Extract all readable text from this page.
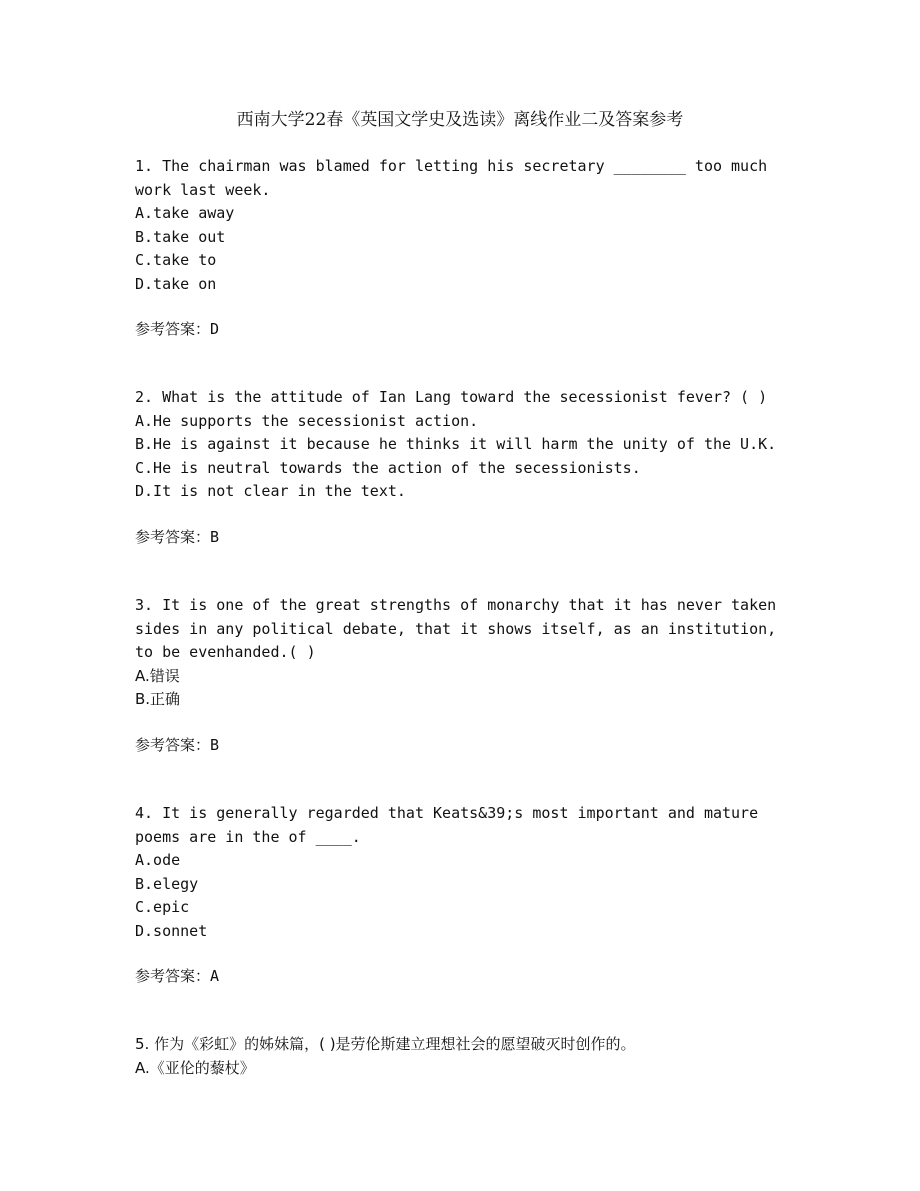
西南大学22春《英国文学史及选读》离线作业二及答案参考
1. The chairman was blamed for letting his secretary ________ too much
work last week.
A.take away
B.take out
C.take to
D.take on
参考答案：D
2. What is the attitude of Ian Lang toward the secessionist fever? ( )
A.He supports the secessionist action.
B.He is against it because he thinks it will harm the unity of the U.K.
C.He is neutral towards the action of the secessionists.
D.It is not clear in the text.
参考答案：B
3. It is one of the great strengths of monarchy that it has never taken
sides in any political debate, that it shows itself, as an institution,
to be evenhanded.( )
A.错误
B.正确
参考答案：B
4. It is generally regarded that Keats&39;s most important and mature
poems are in the of ____.
A.ode
B.elegy
C.epic
D.sonnet
参考答案：A
5. 作为《彩虹》的姊妹篇，( )是劳伦斯建立理想社会的愿望破灭时创作的。
A.《亚伦的藜杖》
